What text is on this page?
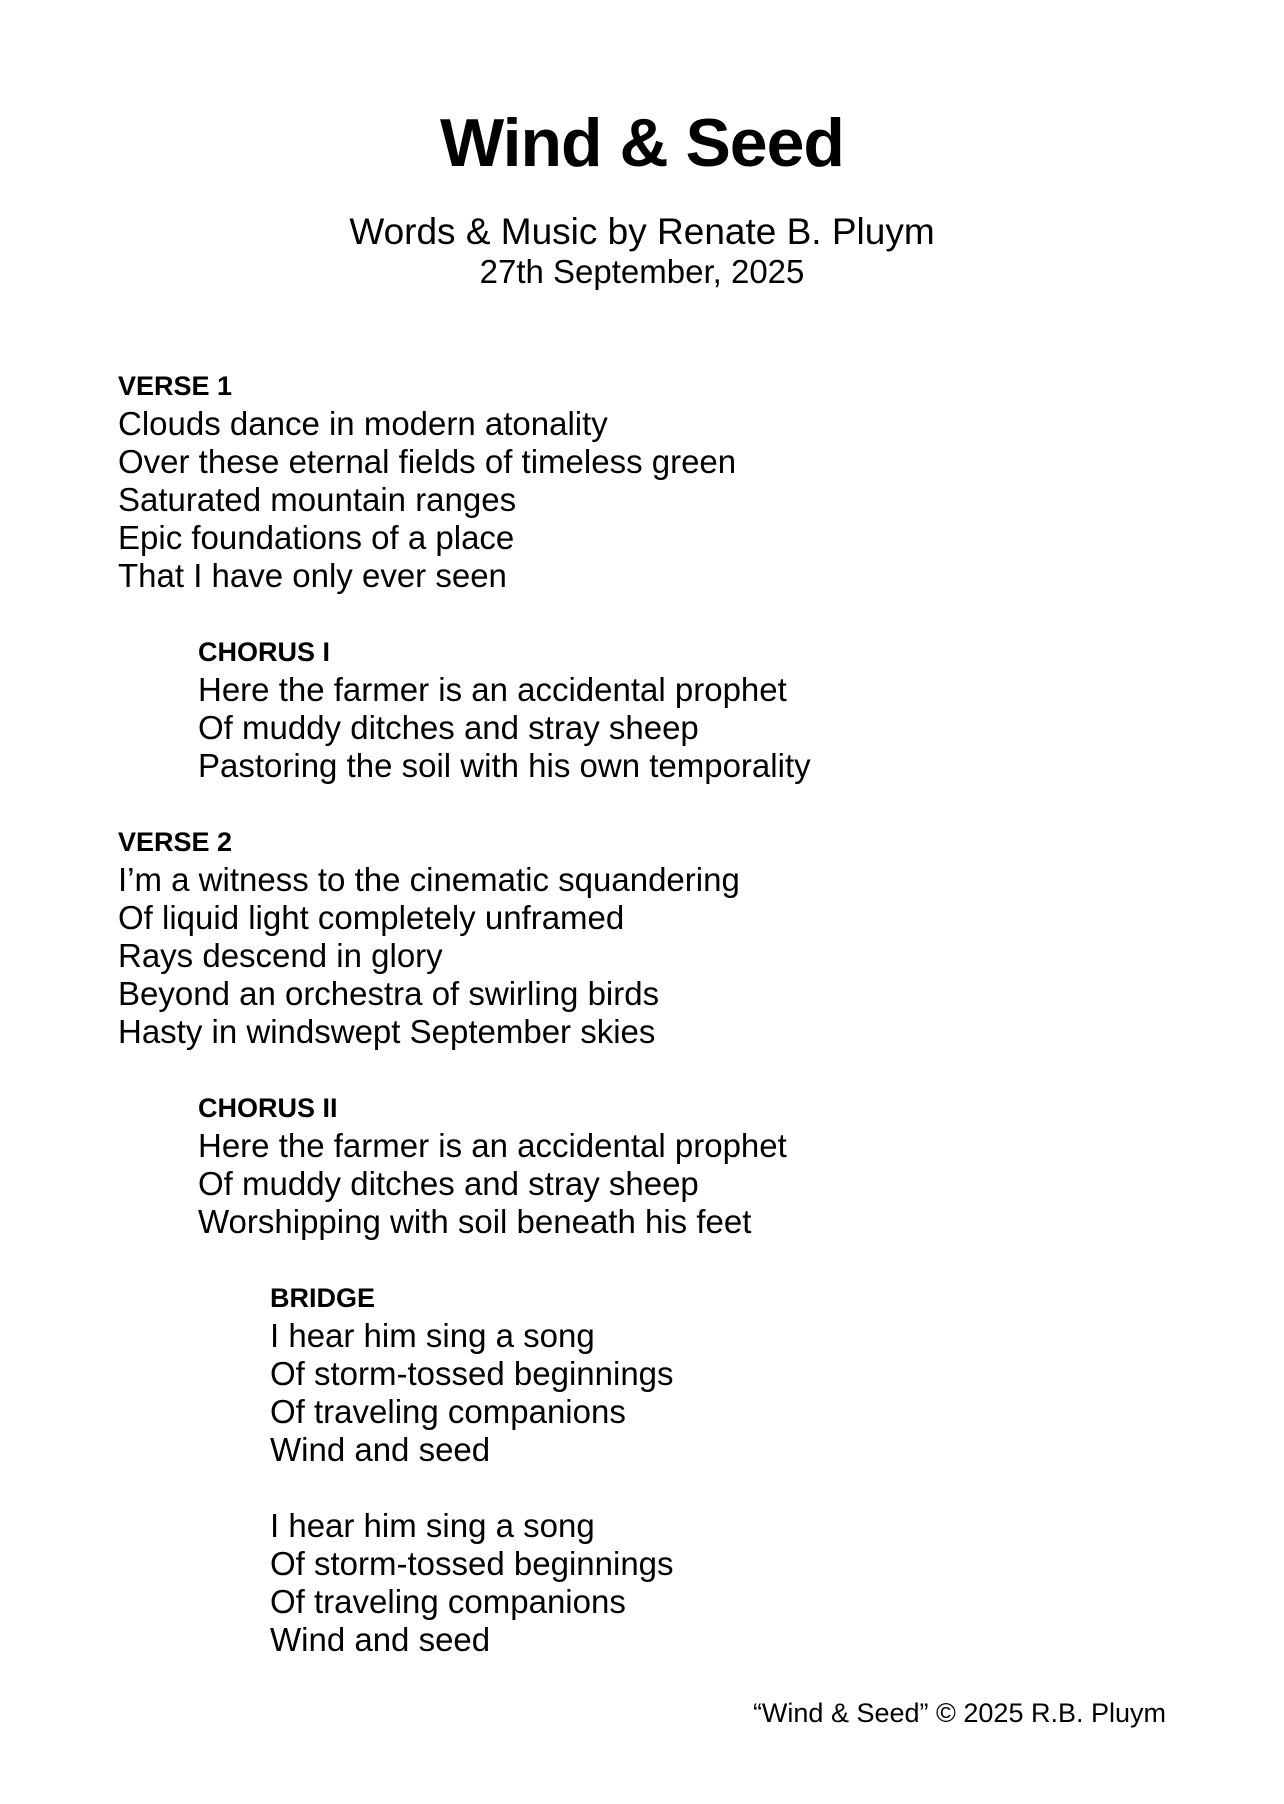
Wind & Seed

Words & Music by Renate B. Pluym

27th September, 2025

VERSE 1

Clouds dance in modern atonality

Over these eternal fields of timeless green

Saturated mountain ranges

Epic foundations of a place

That I have only ever seen

CHORUS I

Here the farmer is an accidental prophet

Of muddy ditches and stray sheep

Pastoring the soil with his own temporality

VERSE 2

I’m a witness to the cinematic squandering

Of liquid light completely unframed

Rays descend in glory

Beyond an orchestra of swirling birds

Hasty in windswept September skies

CHORUS II

Here the farmer is an accidental prophet

Of muddy ditches and stray sheep

Worshipping with soil beneath his feet

BRIDGE

I hear him sing a song

Of storm-tossed beginnings

Of traveling companions

Wind and seed

I hear him sing a song

Of storm-tossed beginnings

Of traveling companions

Wind and seed

“Wind & Seed” © 2025 R.B. Pluym
